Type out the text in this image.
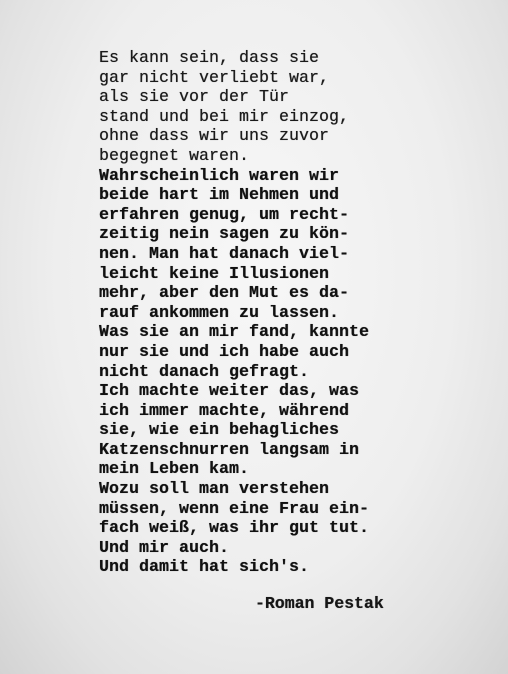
Es kann sein, dass sie
gar nicht verliebt war,
als sie vor der Tür
stand und bei mir einzog,
ohne dass wir uns zuvor
begegnet waren.
Wahrscheinlich waren wir
beide hart im Nehmen und
erfahren genug, um recht-
zeitig nein sagen zu kön-
nen. Man hat danach viel-
leicht keine Illusionen
mehr, aber den Mut es da-
rauf ankommen zu lassen.
Was sie an mir fand, kannte
nur sie und ich habe auch
nicht danach gefragt.
Ich machte weiter das, was
ich immer machte, während
sie, wie ein behagliches
Katzenschnurren langsam in
mein Leben kam.
Wozu soll man verstehen
müssen, wenn eine Frau ein-
fach weiß, was ihr gut tut.
Und mir auch.
Und damit hat sich's.
-Roman Pestak
